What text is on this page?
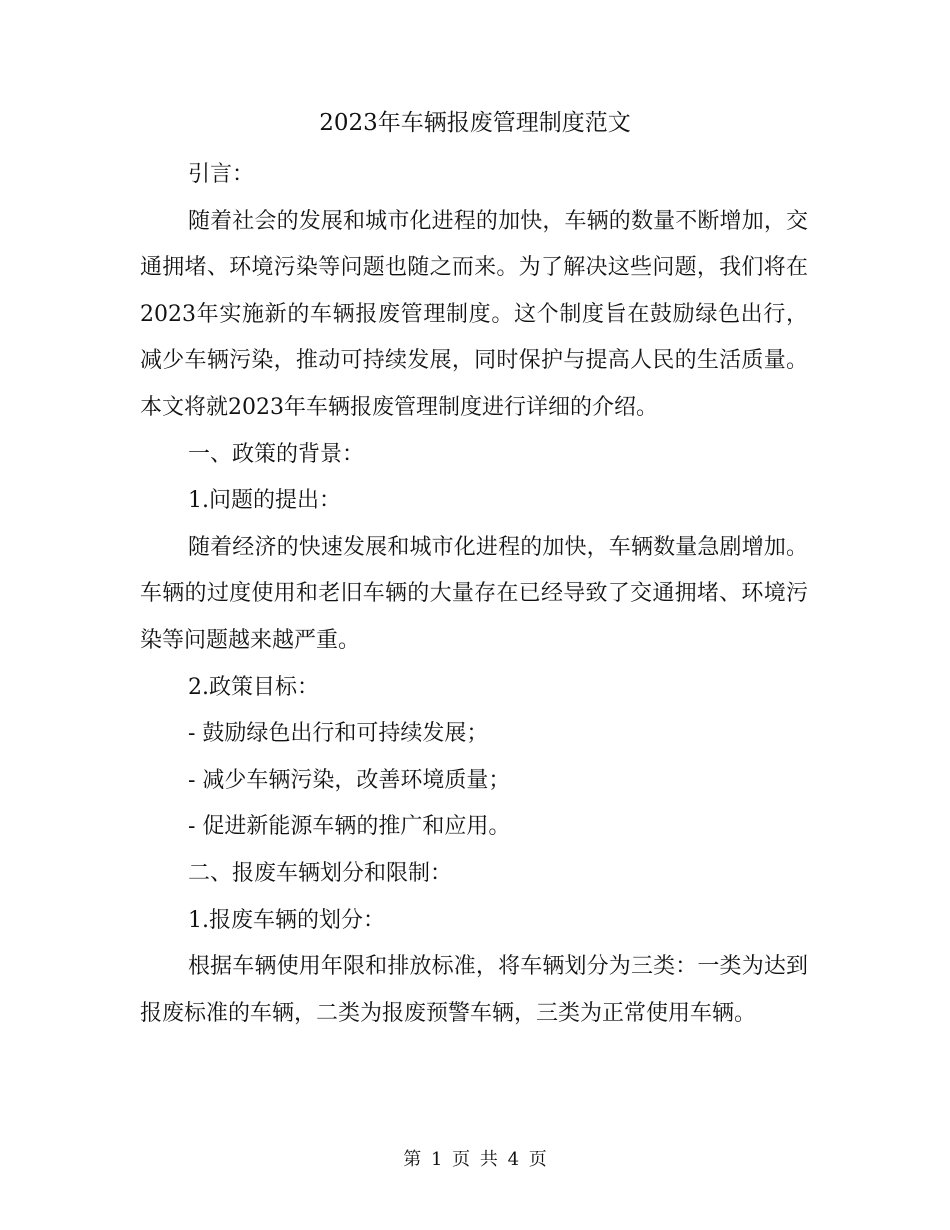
2023年车辆报废管理制度范文

引言：

随着社会的发展和城市化进程的加快，车辆的数量不断增加，交通拥堵、环境污染等问题也随之而来。为了解决这些问题，我们将在2023年实施新的车辆报废管理制度。这个制度旨在鼓励绿色出行，减少车辆污染，推动可持续发展，同时保护与提高人民的生活质量。本文将就2023年车辆报废管理制度进行详细的介绍。

一、政策的背景：

1.问题的提出：

随着经济的快速发展和城市化进程的加快，车辆数量急剧增加。车辆的过度使用和老旧车辆的大量存在已经导致了交通拥堵、环境污染等问题越来越严重。

2.政策目标：

- 鼓励绿色出行和可持续发展；

- 减少车辆污染，改善环境质量；

- 促进新能源车辆的推广和应用。

二、报废车辆划分和限制：

1.报废车辆的划分：

根据车辆使用年限和排放标准，将车辆划分为三类：一类为达到报废标准的车辆，二类为报废预警车辆，三类为正常使用车辆。

第 1 页 共 4 页
